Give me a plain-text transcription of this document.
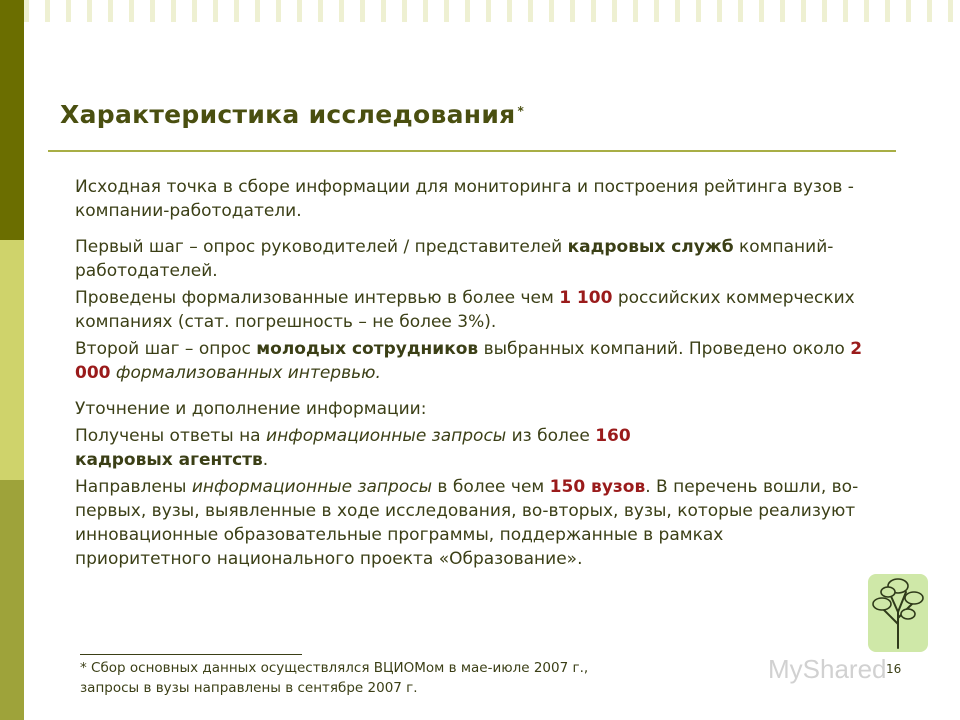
Характеристика исследования *

Исходная точка в сборе информации для мониторинга и построения рейтинга вузов - компании-работодатели.

Первый шаг – опрос руководителей / представителей кадровых служб компаний-работодателей.

Проведены формализованные интервью в более чем 1 100 российских коммерческих компаниях (стат. погрешность – не более 3%).

Второй шаг – опрос молодых сотрудников выбранных компаний. Проведено около 2 000 формализованных интервью.

Уточнение и дополнение информации:

Получены ответы на информационные запросы из более 160
кадровых агентств.

Направлены информационные запросы в более чем 150 вузов. В перечень вошли, во-первых, вузы, выявленные в ходе исследования, во-вторых, вузы, которые реализуют инновационные образовательные программы, поддержанные в рамках приоритетного национального проекта «Образование».

* Сбор основных данных осуществлялся ВЦИОМом в мае-июле 2007 г.,
запросы в вузы направлены в сентябре 2007 г.
MyShared 16
